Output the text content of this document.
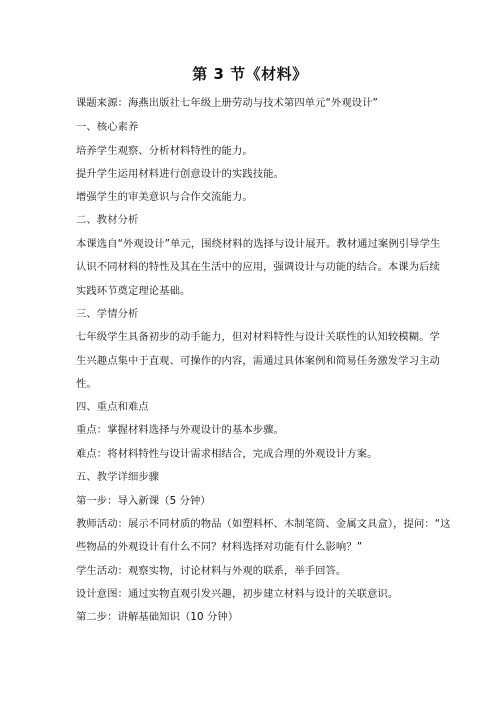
第 3 节《材料》
课题来源：海燕出版社七年级上册劳动与技术第四单元“外观设计”
一、核心素养
培养学生观察、分析材料特性的能力。
提升学生运用材料进行创意设计的实践技能。
增强学生的审美意识与合作交流能力。
二、教材分析
本课选自“外观设计”单元，围绕材料的选择与设计展开。教材通过案例引导学生
认识不同材料的特性及其在生活中的应用，强调设计与功能的结合。本课为后续
实践环节奠定理论基础。
三、学情分析
七年级学生具备初步的动手能力，但对材料特性与设计关联性的认知较模糊。学
生兴趣点集中于直观、可操作的内容，需通过具体案例和简易任务激发学习主动
性。
四、重点和难点
重点：掌握材料选择与外观设计的基本步骤。
难点：将材料特性与设计需求相结合，完成合理的外观设计方案。
五、教学详细步骤
第一步：导入新课（5 分钟）
教师活动：展示不同材质的物品（如塑料杯、木制笔筒、金属文具盒），提问：“这
些物品的外观设计有什么不同？材料选择对功能有什么影响？”
学生活动：观察实物，讨论材料与外观的联系，举手回答。
设计意图：通过实物直观引发兴趣，初步建立材料与设计的关联意识。
第二步：讲解基础知识（10 分钟）
